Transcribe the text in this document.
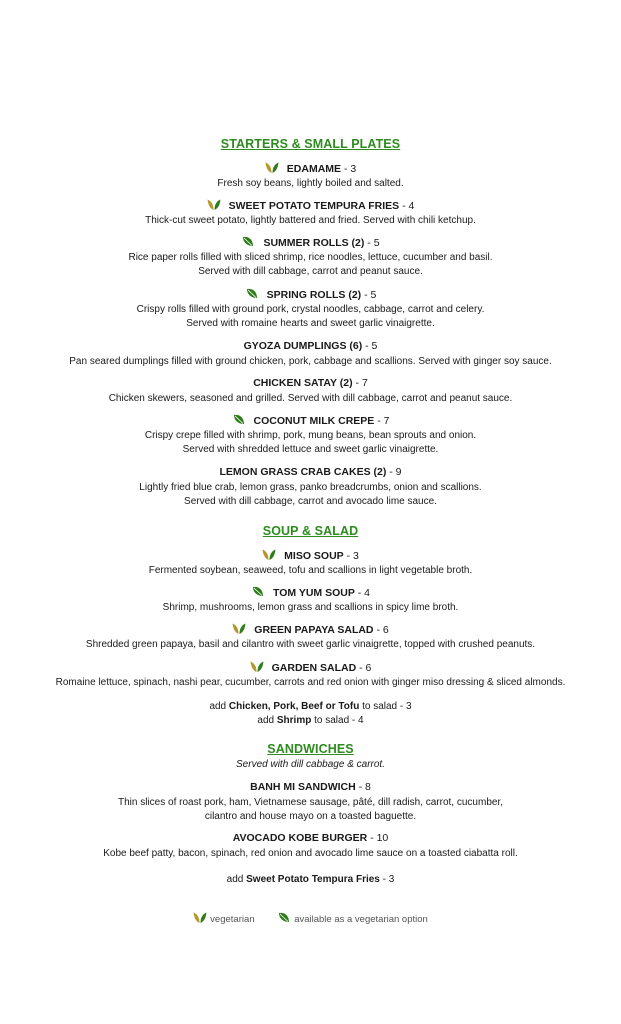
STARTERS & SMALL PLATES
EDAMAME - 3
Fresh soy beans, lightly boiled and salted.
SWEET POTATO TEMPURA FRIES - 4
Thick-cut sweet potato, lightly battered and fried. Served with chili ketchup.
SUMMER ROLLS (2) - 5
Rice paper rolls filled with sliced shrimp, rice noodles, lettuce, cucumber and basil.
Served with dill cabbage, carrot and peanut sauce.
SPRING ROLLS (2) - 5
Crispy rolls filled with ground pork, crystal noodles, cabbage, carrot and celery.
Served with romaine hearts and sweet garlic vinaigrette.
GYOZA DUMPLINGS (6) - 5
Pan seared dumplings filled with ground chicken, pork, cabbage and scallions. Served with ginger soy sauce.
CHICKEN SATAY (2) - 7
Chicken skewers, seasoned and grilled. Served with dill cabbage, carrot and peanut sauce.
COCONUT MILK CREPE - 7
Crispy crepe filled with shrimp, pork, mung beans, bean sprouts and onion.
Served with shredded lettuce and sweet garlic vinaigrette.
LEMON GRASS CRAB CAKES (2) - 9
Lightly fried blue crab, lemon grass, panko breadcrumbs, onion and scallions.
Served with dill cabbage, carrot and avocado lime sauce.
SOUP & SALAD
MISO SOUP - 3
Fermented soybean, seaweed, tofu and scallions in light vegetable broth.
TOM YUM SOUP - 4
Shrimp, mushrooms, lemon grass and scallions in spicy lime broth.
GREEN PAPAYA SALAD - 6
Shredded green papaya, basil and cilantro with sweet garlic vinaigrette, topped with crushed peanuts.
GARDEN SALAD - 6
Romaine lettuce, spinach, nashi pear, cucumber, carrots and red onion with ginger miso dressing & sliced almonds.
add Chicken, Pork, Beef or Tofu to salad - 3
add Shrimp to salad - 4
SANDWICHES
Served with dill cabbage & carrot.
BANH MI SANDWICH - 8
Thin slices of roast pork, ham, Vietnamese sausage, pâté, dill radish, carrot, cucumber,
cilantro and house mayo on a toasted baguette.
AVOCADO KOBE BURGER - 10
Kobe beef patty, bacon, spinach, red onion and avocado lime sauce on a toasted ciabatta roll.
add Sweet Potato Tempura Fries - 3
vegetarian	available as a vegetarian option
